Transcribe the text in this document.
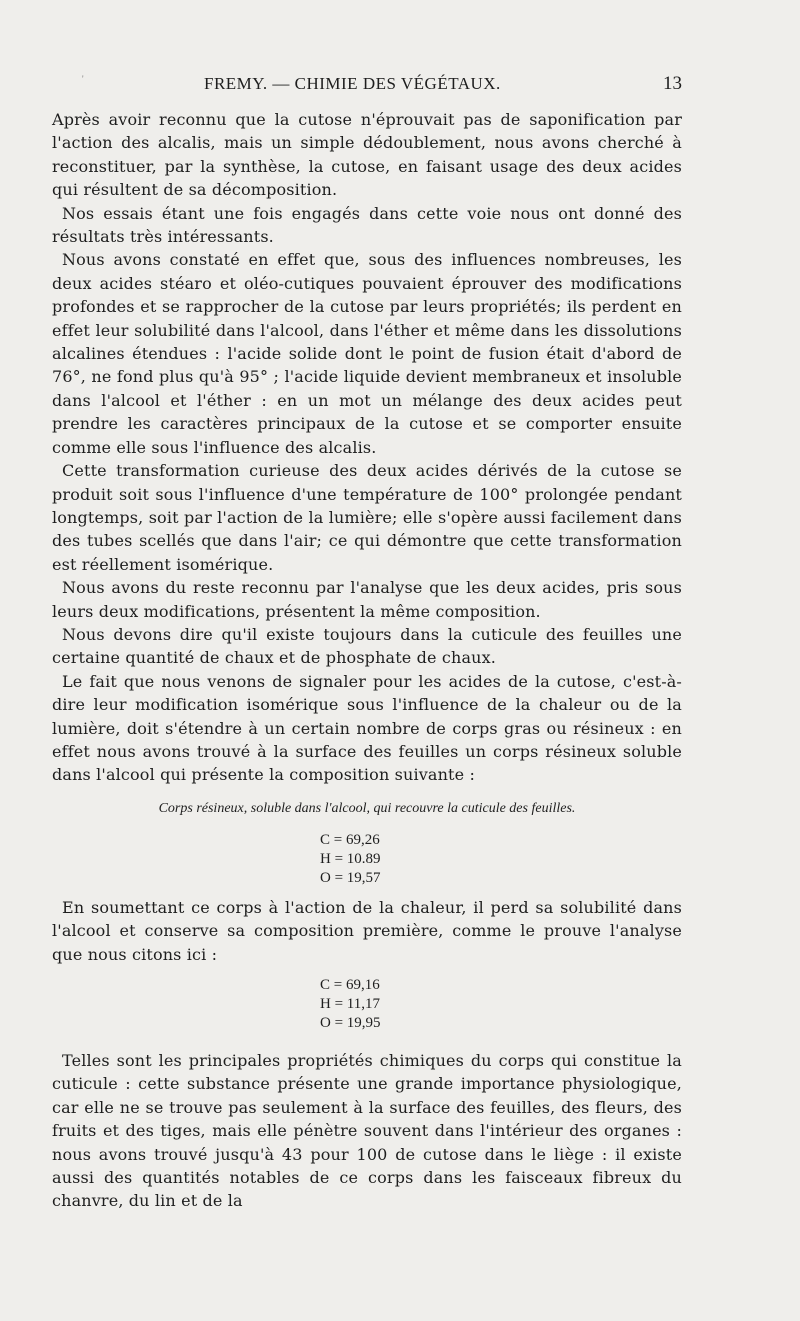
'	FREMY. — CHIMIE DES VÉGÉTAUX.	13

Après avoir reconnu que la cutose n'éprouvait pas de saponification par l'action des alcalis, mais un simple dédoublement, nous avons cherché à reconstituer, par la synthèse, la cutose, en faisant usage des deux acides qui résultent de sa décomposition.

Nos essais étant une fois engagés dans cette voie nous ont donné des résultats très intéressants.

Nous avons constaté en effet que, sous des influences nombreuses, les deux acides stéaro et oléo-cutiques pouvaient éprouver des modifications profondes et se rapprocher de la cutose par leurs propriétés; ils perdent en effet leur solubilité dans l'alcool, dans l'éther et même dans les dissolutions alcalines étendues : l'acide solide dont le point de fusion était d'abord de 76°, ne fond plus qu'à 95° ; l'acide liquide devient membraneux et insoluble dans l'alcool et l'éther : en un mot un mélange des deux acides peut prendre les caractères principaux de la cutose et se comporter ensuite comme elle sous l'influence des alcalis.

Cette transformation curieuse des deux acides dérivés de la cutose se produit soit sous l'influence d'une température de 100° prolongée pendant longtemps, soit par l'action de la lumière; elle s'opère aussi facilement dans des tubes scellés que dans l'air; ce qui démontre que cette transformation est réellement isomérique.

Nous avons du reste reconnu par l'analyse que les deux acides, pris sous leurs deux modifications, présentent la même composition.

Nous devons dire qu'il existe toujours dans la cuticule des feuilles une certaine quantité de chaux et de phosphate de chaux.

Le fait que nous venons de signaler pour les acides de la cutose, c'est-à-dire leur modification isomérique sous l'influence de la chaleur ou de la lumière, doit s'étendre à un certain nombre de corps gras ou résineux : en effet nous avons trouvé à la surface des feuilles un corps résineux soluble dans l'alcool qui présente la composition suivante :

Corps résineux, soluble dans l'alcool, qui recouvre la cuticule des feuilles.
C = 69,26
H = 10.89
O = 19,57

En soumettant ce corps à l'action de la chaleur, il perd sa solubilité dans l'alcool et conserve sa composition première, comme le prouve l'analyse que nous citons ici :

C = 69,16
H = 11,17
O = 19,95

Telles sont les principales propriétés chimiques du corps qui constitue la cuticule : cette substance présente une grande importance physiologique, car elle ne se trouve pas seulement à la surface des feuilles, des fleurs, des fruits et des tiges, mais elle pénètre souvent dans l'intérieur des organes : nous avons trouvé jusqu'à 43 pour 100 de cutose dans le liège : il existe aussi des quantités notables de ce corps dans les faisceaux fibreux du chanvre, du lin et de la
